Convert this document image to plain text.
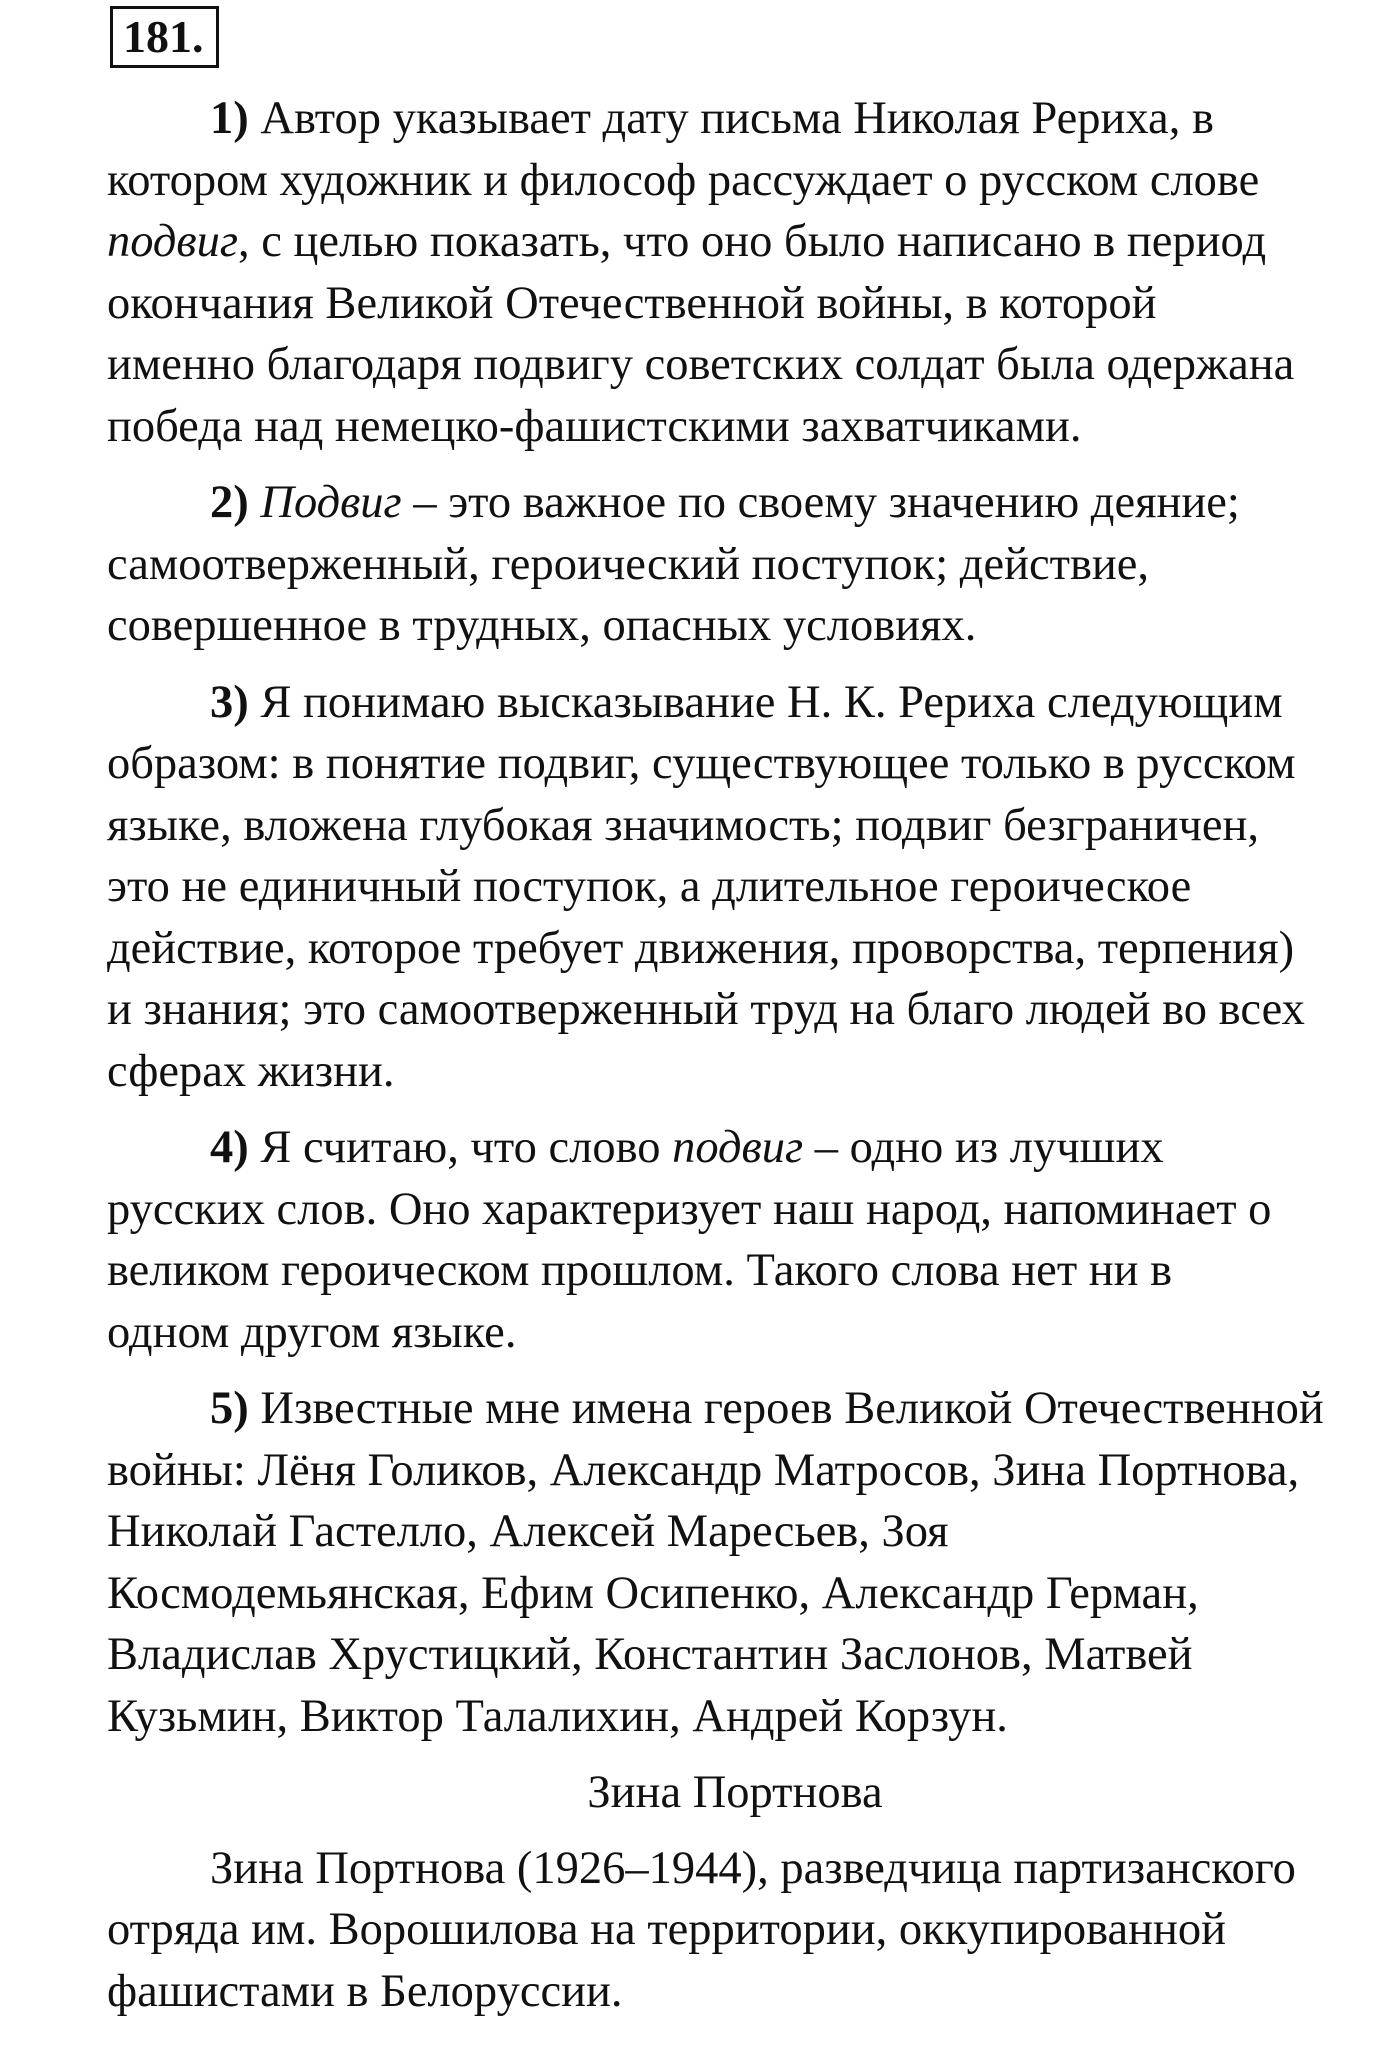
181.
1) Автор указывает дату письма Николая Рериха, в
котором художник и философ рассуждает о русском слове
подвиг, с целью показать, что оно было написано в период
окончания Великой Отечественной войны, в которой
именно благодаря подвигу советских солдат была одержана
победа над немецко-фашистскими захватчиками.
2) Подвиг – это важное по своему значению деяние;
самоотверженный, героический поступок; действие,
совершенное в трудных, опасных условиях.
3) Я понимаю высказывание Н. К. Рериха следующим
образом: в понятие подвиг, существующее только в русском
языке, вложена глубокая значимость; подвиг безграничен,
это не единичный поступок, а длительное героическое
действие, которое требует движения, проворства, терпения)
и знания; это самоотверженный труд на благо людей во всех
сферах жизни.
4) Я считаю, что слово подвиг – одно из лучших
русских слов. Оно характеризует наш народ, напоминает о
великом героическом прошлом. Такого слова нет ни в
одном другом языке.
5) Известные мне имена героев Великой Отечественной
войны: Лёня Голиков, Александр Матросов, Зина Портнова,
Николай Гастелло, Алексей Маресьев, Зоя
Космодемьянская, Ефим Осипенко, Александр Герман,
Владислав Хрустицкий, Константин Заслонов, Матвей
Кузьмин, Виктор Талалихин, Андрей Корзун.
Зина Портнова
Зина Портнова (1926–1944), разведчица партизанского
отряда им. Ворошилова на территории, оккупированной
фашистами в Белоруссии.
